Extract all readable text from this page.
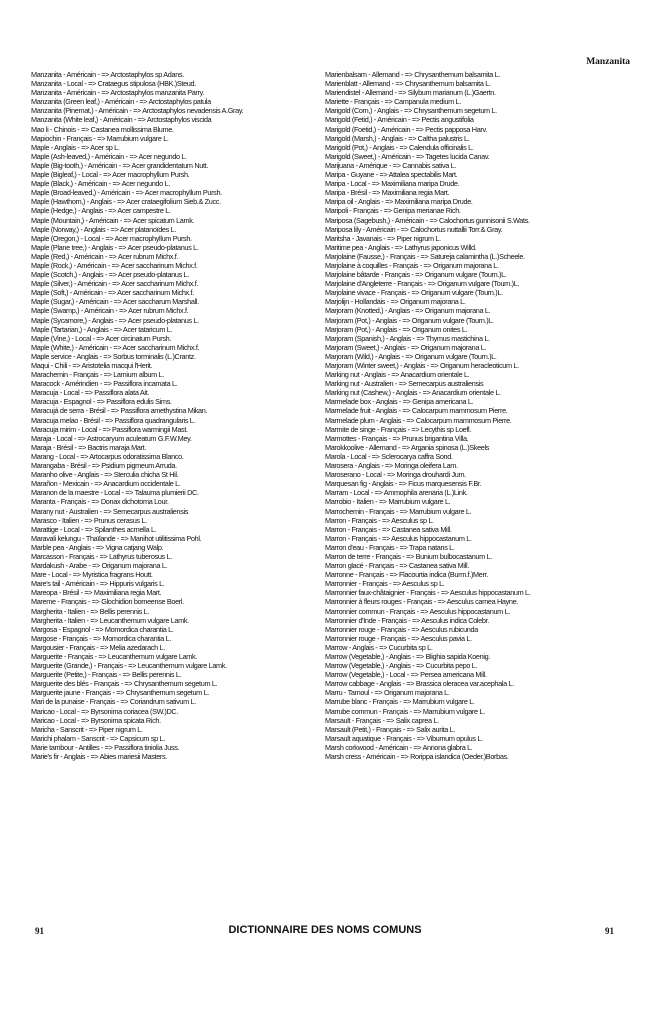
Manzanita
Manzanita - Américain - => Arctostaphylos sp Adans.
Manzanita - Local - => Crataegus stipulosa (HBK.)Steud.
Manzanita - Américain - => Arctostaphylos manzanita Parry.
Manzanita (Green leaf,) - Américain - => Arctostaphylos patula
Manzanita (Pinemat,) - Américain - => Arctostaphylos nevadensis A.Gray.
Manzanita (White leaf,) - Américain - => Arctostaphylos viscida
Mao li - Chinois - => Castanea mollissima Blume.
Mapiochin - Français - => Marrubium vulgare L.
Maple - Anglais - => Acer sp L.
Maple (Ash-leaved,) - Américain - => Acer negundo L.
Maple (Big-tooth,) - Américain - => Acer grandidentatum Nutt.
Maple (Bigleaf,) - Local - => Acer macrophyllum Pursh.
Maple (Black,) - Américain - => Acer negundo L.
Maple (Broad-leaved,) - Américain - => Acer macrophyllum Pursh.
Maple (Hawthorn,) - Anglais - => Acer crataegifolium Sieb.& Zucc.
Maple (Hedge,) - Anglais - => Acer campestre L.
Maple (Mountain,) - Américain - => Acer spicatum Lamk.
Maple (Norway,) - Anglais - => Acer platanoïdes L.
Maple (Oregon,) - Local - => Acer macrophyllum Pursh.
Maple (Plane tree,) - Anglais - => Acer pseudo-platanus L.
Maple (Red,) - Américain - => Acer rubrum Michx.f.
Maple (Rock,) - Américain - => Acer saccharinum Michx.f.
Maple (Scotch,) - Anglais - => Acer pseudo-platanus L.
Maple (Silver,) - Américain - => Acer saccharinum Michx.f.
Maple (Soft,) - Américain - => Acer saccharinum Michx.f.
Maple (Sugar,) - Américain - => Acer saccharum Marshall.
Maple (Swamp,) - Américain - => Acer rubrum Michx.f.
Maple (Sycamore,) - Anglais - => Acer pseudo-platanus L.
Maple (Tartarian,) - Anglais - => Acer tataricum L.
Maple (Vine,) - Local - => Acer circinatum Pursh.
Maple (White,) - Américain - => Acer saccharinum Michx.f.
Maple service - Anglais - => Sorbus torminalis (L.)Crantz.
Maqui - Chili - => Aristotelia macqui l'Herit.
Marachemin - Français - => Lamium album L.
Maracock - Amérindien - => Passiflora incarnata L.
Maracuja - Local - => Passiflora alata Ait.
Maracuja - Espagnol - => Passiflora edulis Sims.
Maracujá de serra - Brésil - => Passiflora amethystina Mikan.
Maracuja melao - Brésil - => Passiflora quadrangularis L.
Maracuja mirim - Local - => Passiflora warmingii Mast.
Maraja - Local - => Astrocaryum aculeatum G.F.W.Mey.
Maraja - Brésil - => Bactris maraja Mart.
Marang - Local - => Artocarpus odoratissima Blanco.
Marangaba - Brésil - => Psidium pigmeum Arruda.
Maranho olive - Anglais - => Sterculia chicha St Hil.
Marañon - Mexicain - => Anacardium occidentale L.
Maranon de la maestre - Local - => Talauma plumierii DC.
Maranta - Français - => Donax dichotoma Lour.
Marany nut - Australien - => Semecarpus australiensis
Marasco - Italien - => Prunus cerasus L.
Marattige - Local - => Spilanthes acmella L.
Maravali kelungu - Thaïlande - => Manihot utilitissima Pohl.
Marble pea - Anglais - => Vigna catjang Walp.
Marcasson - Français - => Lathyrus tuberosus L.
Mardakush - Arabe - => Origanum majorana L.
Mare - Local - => Myristica fragrans Houtt.
Mare's tail - Américain - => Hippuris vulgaris L.
Mareopa - Brésil - => Maximiliana regia Mart.
Mareme - Français - => Glochidion borneense Boerl.
Margherita - Italien - => Bellis perennis L.
Margherita - Italien - => Leucanthemum vulgare Lamk.
Margosa - Espagnol - => Momordica charantia L.
Margose - Français - => Momordica charantia L.
Margousier - Français - => Melia azedarach L.
Marguerite - Français - => Leucanthemum vulgare Lamk.
Marguerite (Grande,) - Français - => Leucanthemum vulgare Lamk.
Marguerite (Petite,) - Français - => Bellis perennis L.
Marguerite des blés - Français - => Chrysanthemum segetum L.
Marguerite jaune - Français - => Chrysanthemum segetum L.
Mari de la punaise - Français - => Coriandrum sativum L.
Maricao - Local - => Byrsonima coriacea (SW.)DC.
Maricao - Local - => Byrsonima spicata Rich.
Maricha - Sanscrit - => Piper nigrum L.
Marichi phalam - Sanscrit - => Capsicum sp L.
Marie tambour - Antilles - => Passiflora tiniolia Juss.
Marie's fir - Anglais - => Abies mariesii Masters.
Marienbalsam - Allemand - => Chrysanthemum balsamita L.
Marienblatt - Allemand - => Chrysanthemum balsamita L.
Mariendistel - Allemand - => Silybum marianum (L.)Gaertn.
Mariette - Français - => Campanula medium L.
Marigold (Corn,) - Anglais - => Chrysanthemum segetum L.
Marigold (Fetid,) - Américain - => Pectis angustifolia
Marigold (Foetid,) - Américain - => Pectis papposa Harv.
Marigold (Marsh,) - Anglais - => Caltha palustris L.
Marigold (Pot,) - Anglais - => Calendula officinalis L.
Marigold (Sweet,) - Américain - => Tagetes lucida Canav.
Marijuana - Amérique - => Cannabis sativa L.
Maripa - Guyane - => Attalea spectabilis Mart.
Maripa - Local - => Maximiliana maripa Drude.
Maripa - Brésil - => Maximiliana regia Mart.
Maripa oil - Anglais - => Maximiliana maripa Drude.
Maripoli - Français - => Genipa merianae Rich.
Mariposa (Sagebush,) - Américain - => Calochortus gunnisonii S.Wats.
Mariposa lily - Américain - => Calochortus nuttallii Torr.& Gray.
Maritsha - Javanais - => Piper nigrum L.
Maritime pea - Anglais - => Lathyrus japonicus Willd.
Marjolaine (Fausse,) - Français - => Satureja calamintha (L.)Scheele.
Marjolaine à coquilles - Français - => Origanum majorana L.
Marjolaine bâtarde - Français - => Origanum vulgare (Tourn.)L.
Marjolaine d'Angleterre - Français - => Origanum vulgare (Tourn.)L.
Marjolaine vivace - Français - => Origanum vulgare (Tourn.)L.
Marjolijn - Hollandais - => Origanum majorana L.
Marjoram (Knotted,) - Anglais - => Origanum majorana L.
Marjoram (Pot,) - Anglais - => Origanum vulgare (Tourn.)L.
Marjoram (Pot,) - Anglais - => Origanum onites L.
Marjoram (Spanish,) - Anglais - => Thymus mastichina L.
Marjoram (Sweet,) - Anglais - => Origanum majorana L.
Marjoram (Wild,) - Anglais - => Origanum vulgare (Tourn.)L.
Marjoram (Winter sweet,) - Anglais - => Origanum heracleoticum L.
Marking nut - Anglais - => Anacardium orientale L.
Marking nut - Australien - => Semecarpus australiensis
Marking nut (Cashew,) - Anglais - => Anacardium orientale L.
Marmelade box - Anglais - => Genipa americana L.
Marmelade fruit - Anglais - => Calocarpum mammosum Pierre.
Marmelade plum - Anglais - => Calocarpum mammosum Pierre.
Marmite de singe - Français - => Lecythis sp Loefl.
Marmottes - Français - => Prunus brigantina Villa.
Marokkoolive - Allemand - => Argania spinosa (L.)Skeels
Marola - Local - => Sclerocarya caffra Sond.
Marosera - Anglais - => Moringa oleifera Lam.
Maroserano - Local - => Moringa drouhardi Jum.
Marquesan fig - Anglais - => Ficus marquesensis F.Br.
Marram - Local - => Ammophila arenaria (L.)Link.
Marrobio - Italien - => Marrubium vulgare L.
Marrochemin - Français - => Marrubium vulgare L.
Marron - Français - => Aesculus sp L.
Marron - Français - => Castanea sativa Mill.
Marron - Français - => Aesculus hippocastanum L.
Marron d'eau - Français - => Trapa natans L.
Marron de terre - Français - => Bunium bulbocastanum L.
Marron glacé - Français - => Castanea sativa Mill.
Marronne - Français - => Flacourtia indica (Burm.f.)Merr.
Marronnier - Français - => Aesculus sp L.
Marronnier faux-châtaignier - Français - => Aesculus hippocastanum L.
Marronnier à fleurs rouges - Français - => Aesculus carnea Hayne.
Marronnier commun - Français - => Aesculus hippocastanum L.
Marronnier d'Inde - Français - => Aesculus indica Colebr.
Marronnier rouge - Français - => Aesculus rubicunda
Marronnier rouge - Français - => Aesculus pavia L.
Marrow - Anglais - => Cucurbita sp L.
Marrow (Vegetable,) - Anglais - => Blighia sapida Koenig.
Marrow (Vegetable,) - Anglais - => Cucurbita pepo L.
Marrow (Vegetable,) - Local - => Persea americana Mill.
Marrow cabbage - Anglais - => Brassica oleracea var.acephala L.
Marru - Tamoul - => Origanum majorana L.
Marrube blanc - Français - => Marrubium vulgare L.
Marrube commun - Français - => Marrubium vulgare L.
Marsault - Français - => Salix caprea L.
Marsault (Petit,) - Français - => Salix aurita L.
Marsault aquatique - Français - => Viburnum opulus L.
Marsh corkwood - Américain - => Annona glabra L.
Marsh cress - Américain - => Rorippa islandica (Oeder.)Borbas.
91	DICTIONNAIRE DES NOMS COMUNS	91
